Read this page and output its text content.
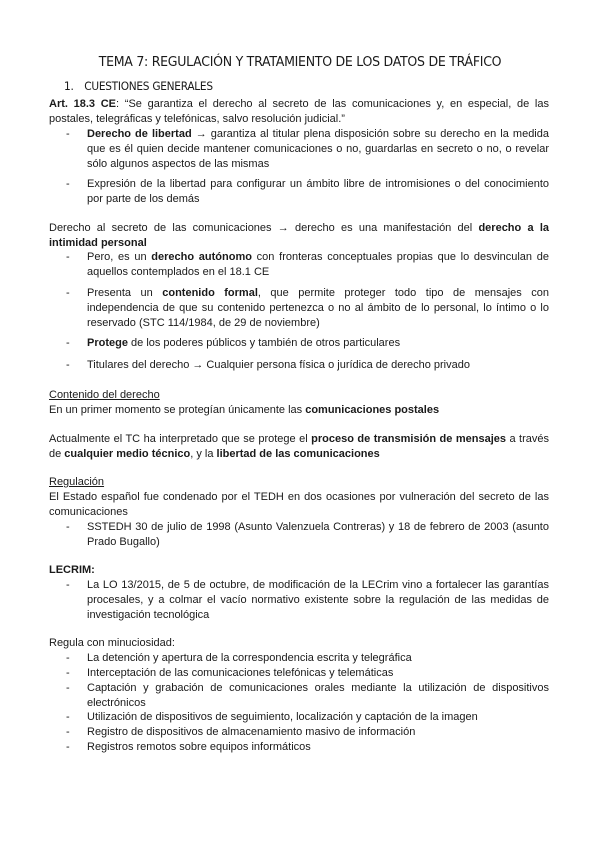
TEMA 7: REGULACIÓN Y TRATAMIENTO DE LOS DATOS DE TRÁFICO
1. CUESTIONES GENERALES
Art. 18.3 CE: “Se garantiza el derecho al secreto de las comunicaciones y, en especial, de las postales, telegráficas y telefónicas, salvo resolución judicial.”
- Derecho de libertad → garantiza al titular plena disposición sobre su derecho en la medida que es él quien decide mantener comunicaciones o no, guardarlas en secreto o no, o revelar sólo algunos aspectos de las mismas
- Expresión de la libertad para configurar un ámbito libre de intromisiones o del conocimiento por parte de los demás
Derecho al secreto de las comunicaciones → derecho es una manifestación del derecho a la intimidad personal
- Pero, es un derecho autónomo con fronteras conceptuales propias que lo desvinculan de aquellos contemplados en el 18.1 CE
- Presenta un contenido formal, que permite proteger todo tipo de mensajes con independencia de que su contenido pertenezca o no al ámbito de lo personal, lo íntimo o lo reservado (STC 114/1984, de 29 de noviembre)
- Protege de los poderes públicos y también de otros particulares
- Titulares del derecho → Cualquier persona física o jurídica de derecho privado
Contenido del derecho
En un primer momento se protegían únicamente las comunicaciones postales
Actualmente el TC ha interpretado que se protege el proceso de transmisión de mensajes a través de cualquier medio técnico, y la libertad de las comunicaciones
Regulación
El Estado español fue condenado por el TEDH en dos ocasiones por vulneración del secreto de las comunicaciones
- SSTEDH 30 de julio de 1998 (Asunto Valenzuela Contreras) y 18 de febrero de 2003 (asunto Prado Bugallo)
LECRIM:
- La LO 13/2015, de 5 de octubre, de modificación de la LECrim vino a fortalecer las garantías procesales, y a colmar el vacío normativo existente sobre la regulación de las medidas de investigación tecnológica
Regula con minuciosidad:
- La detención y apertura de la correspondencia escrita y telegráfica
- Interceptación de las comunicaciones telefónicas y telemáticas
- Captación y grabación de comunicaciones orales mediante la utilización de dispositivos electrónicos
- Utilización de dispositivos de seguimiento, localización y captación de la imagen
- Registro de dispositivos de almacenamiento masivo de información
- Registros remotos sobre equipos informáticos
